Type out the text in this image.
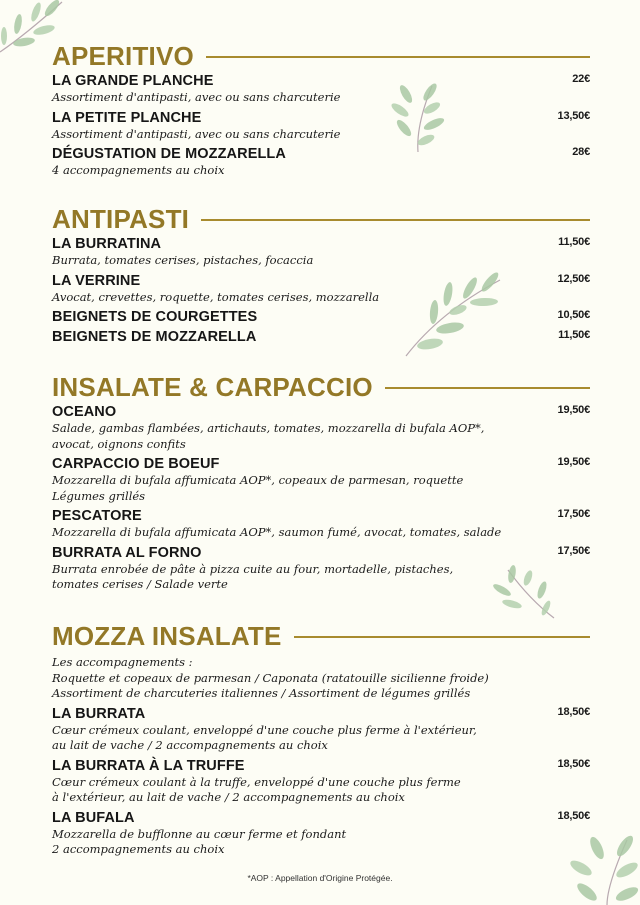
APERITIVO
LA GRANDE PLANCHE	22€
Assortiment d'antipasti, avec ou sans charcuterie
LA PETITE PLANCHE	13,50€
Assortiment d'antipasti, avec ou sans charcuterie
DÉGUSTATION DE MOZZARELLA	28€
4 accompagnements au choix
ANTIPASTI
LA BURRATINA	11,50€
Burrata, tomates cerises, pistaches, focaccia
LA VERRINE	12,50€
Avocat, crevettes, roquette, tomates cerises, mozzarella
BEIGNETS DE COURGETTES	10,50€
BEIGNETS DE MOZZARELLA	11,50€
INSALATE & CARPACCIO
OCEANO	19,50€
Salade, gambas flambées, artichauts, tomates, mozzarella di bufala AOP*,
avocat, oignons confits
CARPACCIO DE BOEUF	19,50€
Mozzarella di bufala affumicata AOP*, copeaux de parmesan, roquette
Légumes grillés
PESCATORE	17,50€
Mozzarella di bufala affumicata AOP*, saumon fumé, avocat, tomates, salade
BURRATA AL FORNO	17,50€
Burrata enrobée de pâte à pizza cuite au four, mortadelle, pistaches,
tomates cerises / Salade verte
MOZZA INSALATE
Les accompagnements :
Roquette et copeaux de parmesan / Caponata (ratatouille sicilienne froide)
Assortiment de charcuteries italiennes / Assortiment de légumes grillés
LA BURRATA	18,50€
Cœur crémeux coulant, enveloppé d'une couche plus ferme à l'extérieur,
au lait de vache / 2 accompagnements au choix
LA BURRATA À LA TRUFFE	18,50€
Cœur crémeux coulant à la truffe, enveloppé d'une couche plus ferme
à l'extérieur, au lait de vache / 2 accompagnements au choix
LA BUFALA	18,50€
Mozzarella de bufflonne au cœur ferme et fondant
2 accompagnements au choix
*AOP : Appellation d'Origine Protégée.
